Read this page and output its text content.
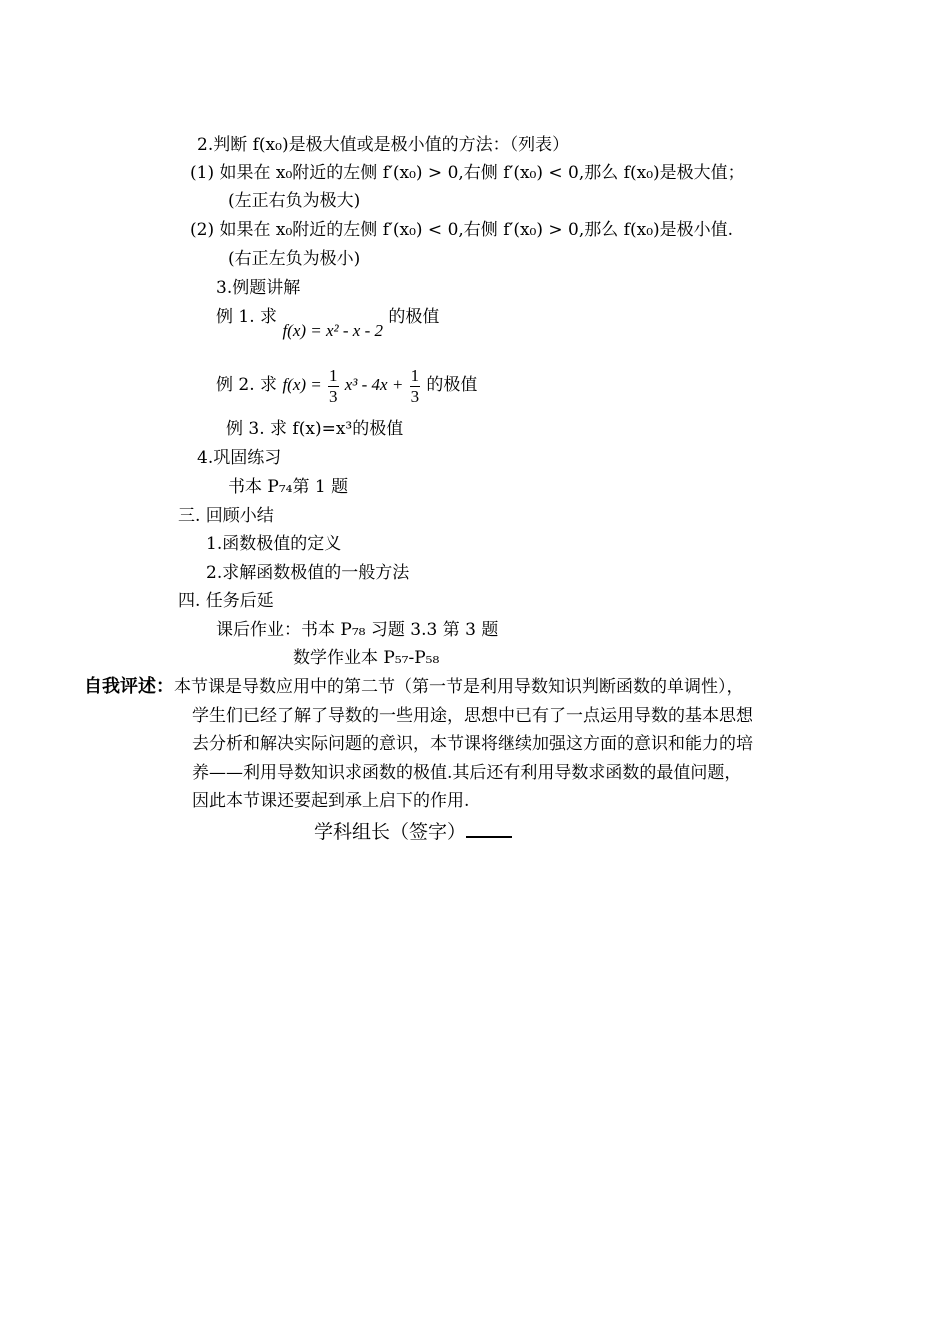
2.判断 f(x₀)是极大值或是极小值的方法：（列表）
(1) 如果在 x₀附近的左侧 f′(x₀) > 0,右侧 f′(x₀) < 0,那么 f(x₀)是极大值；
(左正右负为极大)
(2) 如果在 x₀附近的左侧 f′(x₀) < 0,右侧 f′(x₀) > 0,那么 f(x₀)是极小值.
(右正左负为极小)
3.例题讲解
例 1. 求 f(x) = x² - x - 2 的极值
例 2. 求 $f(x) = \frac{1}{3} x^3 - 4x + \frac{1}{3}$ 的极值
例 3. 求 f(x)=x³的极值
4.巩固练习
书本 P₇₄第 1 题
三. 回顾小结
1.函数极值的定义
2.求解函数极值的一般方法
四. 任务后延
课后作业：书本 P₇₈ 习题 3.3 第 3 题
数学作业本 P₅₇-P₅₈
自我评述： 本节课是导数应用中的第二节（第一节是利用导数知识判断函数的单调性），
学生们已经了解了导数的一些用途，思想中已有了一点运用导数的基本思想
去分析和解决实际问题的意识，本节课将继续加强这方面的意识和能力的培
养——利用导数知识求函数的极值.其后还有利用导数求函数的最值问题，
因此本节课还要起到承上启下的作用.
学科组长（签字）
